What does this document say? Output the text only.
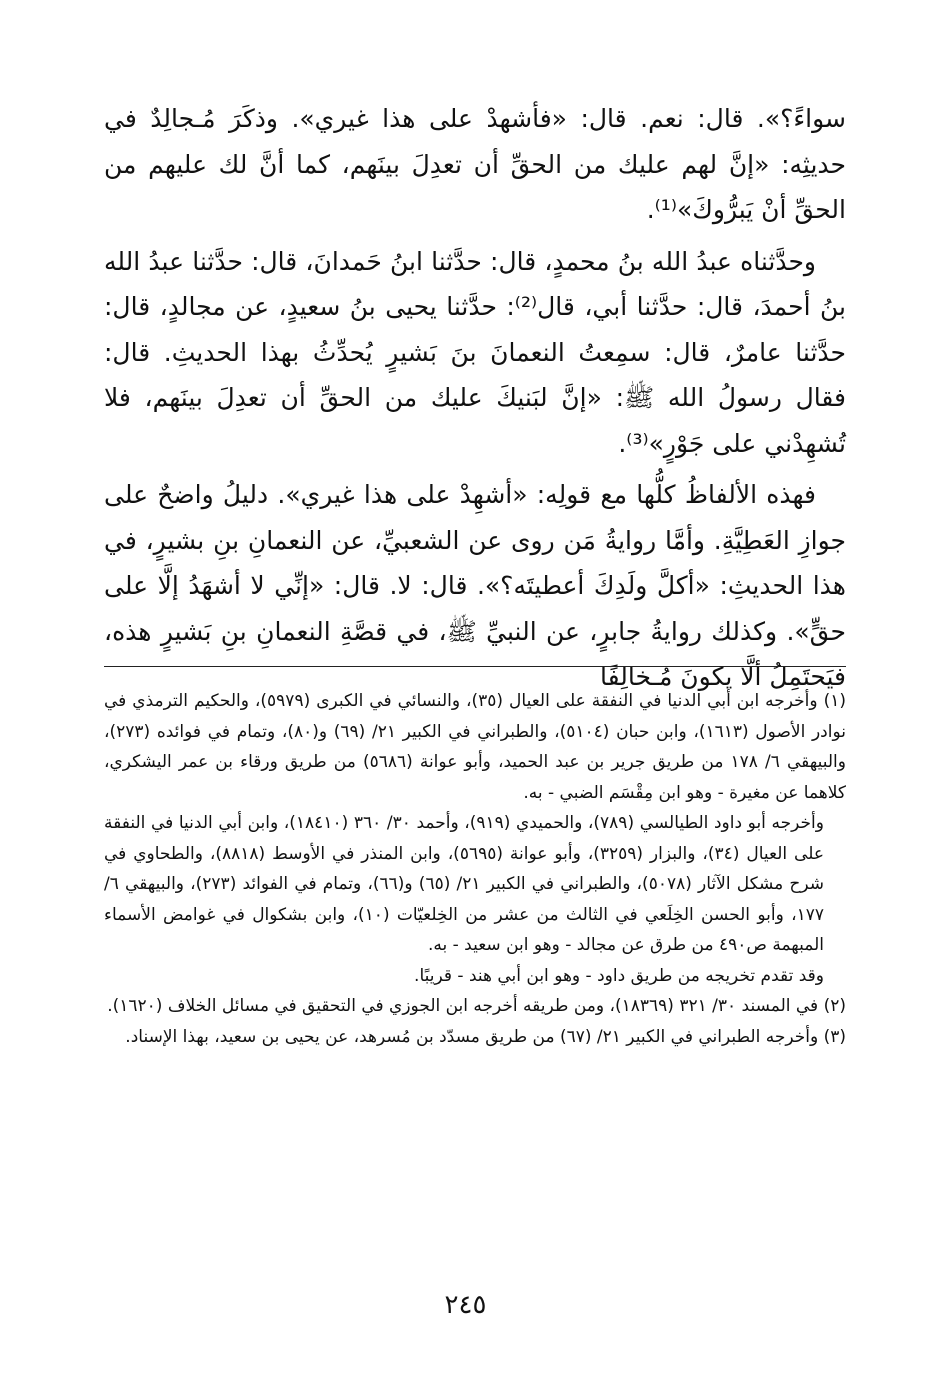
سواءً؟». قال: نعم. قال: «فأشهدْ على هذا غيري». وذكَرَ مُـجالِدٌ في حديثِه: «إنَّ لهم عليك من الحقِّ أن تعدِلَ بينَهم، كما أنَّ لك عليهم من الحقِّ أنْ يَبرُّوكَ»⁽¹⁾.

وحدَّثناه عبدُ الله بنُ محمدٍ، قال: حدَّثنا ابنُ حَمدانَ، قال: حدَّثنا عبدُ الله بنُ أحمدَ، قال: حدَّثنا أبي، قال⁽²⁾: حدَّثنا يحيى بنُ سعيدٍ، عن مجالدٍ، قال: حدَّثنا عامرٌ، قال: سمِعتُ النعمانَ بنَ بَشيرٍ يُحدِّثُ بهذا الحديثِ. قال: فقال رسولُ الله ﷺ: «إنَّ لبَنيكَ عليك من الحقِّ أن تعدِلَ بينَهم، فلا تُشهِدْني على جَوْرٍ»⁽³⁾.

فهذه الألفاظُ كلُّها مع قولِه: «أشهِدْ على هذا غيري». دليلُ واضحٌ على جوازِ العَطِيَّةِ. وأمَّا روايةُ مَن روى عن الشعبيِّ، عن النعمانِ بنِ بشيرٍ، في هذا الحديثِ: «أكلَّ ولَدِكَ أعطيتَه؟». قال: لا. قال: «إنِّي لا أشهَدُ إلَّا على حقٍّ». وكذلك روايةُ جابرٍ، عن النبيِّ ﷺ، في قصَّةِ النعمانِ بنِ بَشيرٍ هذه، فيَحتَمِلُ ألَّا يكونَ مُـخالِفًا

(١) وأخرجه ابن أبي الدنيا في النفقة على العيال (٣٥)، والنسائي في الكبرى (٥٩٧٩)، والحكيم الترمذي في نوادر الأصول (١٦١٣)، وابن حبان (٥١٠٤)، والطبراني في الكبير ٢١/ (٦٩) و(٨٠)، وتمام في فوائده (٢٧٣)، والبيهقي ٦/ ١٧٨ من طريق جرير بن عبد الحميد، وأبو عوانة (٥٦٨٦) من طريق ورقاء بن عمر اليشكري، كلاهما عن مغيرة - وهو ابن مِقْسَم الضبي - به.

وأخرجه أبو داود الطيالسي (٧٨٩)، والحميدي (٩١٩)، وأحمد ٣٠/ ٣٦٠ (١٨٤١٠)، وابن أبي الدنيا في النفقة على العيال (٣٤)، والبزار (٣٢٥٩)، وأبو عوانة (٥٦٩٥)، وابن المنذر في الأوسط (٨٨١٨)، والطحاوي في شرح مشكل الآثار (٥٠٧٨)، والطبراني في الكبير ٢١/ (٦٥) و(٦٦)، وتمام في الفوائد (٢٧٣)، والبيهقي ٦/ ١٧٧، وأبو الحسن الخِلَعي في الثالث من عشر من الخِلعيّات (١٠)، وابن بشكوال في غوامض الأسماء المبهمة ص٤٩٠ من طرق عن مجالد - وهو ابن سعيد - به.

وقد تقدم تخريجه من طريق داود - وهو ابن أبي هند - قريبًا.

(٢) في المسند ٣٠/ ٣٢١ (١٨٣٦٩)، ومن طريقه أخرجه ابن الجوزي في التحقيق في مسائل الخلاف (١٦٢٠).

(٣) وأخرجه الطبراني في الكبير ٢١/ (٦٧) من طريق مسدّد بن مُسرهد، عن يحيى بن سعيد، بهذا الإسناد.

٢٤٥
